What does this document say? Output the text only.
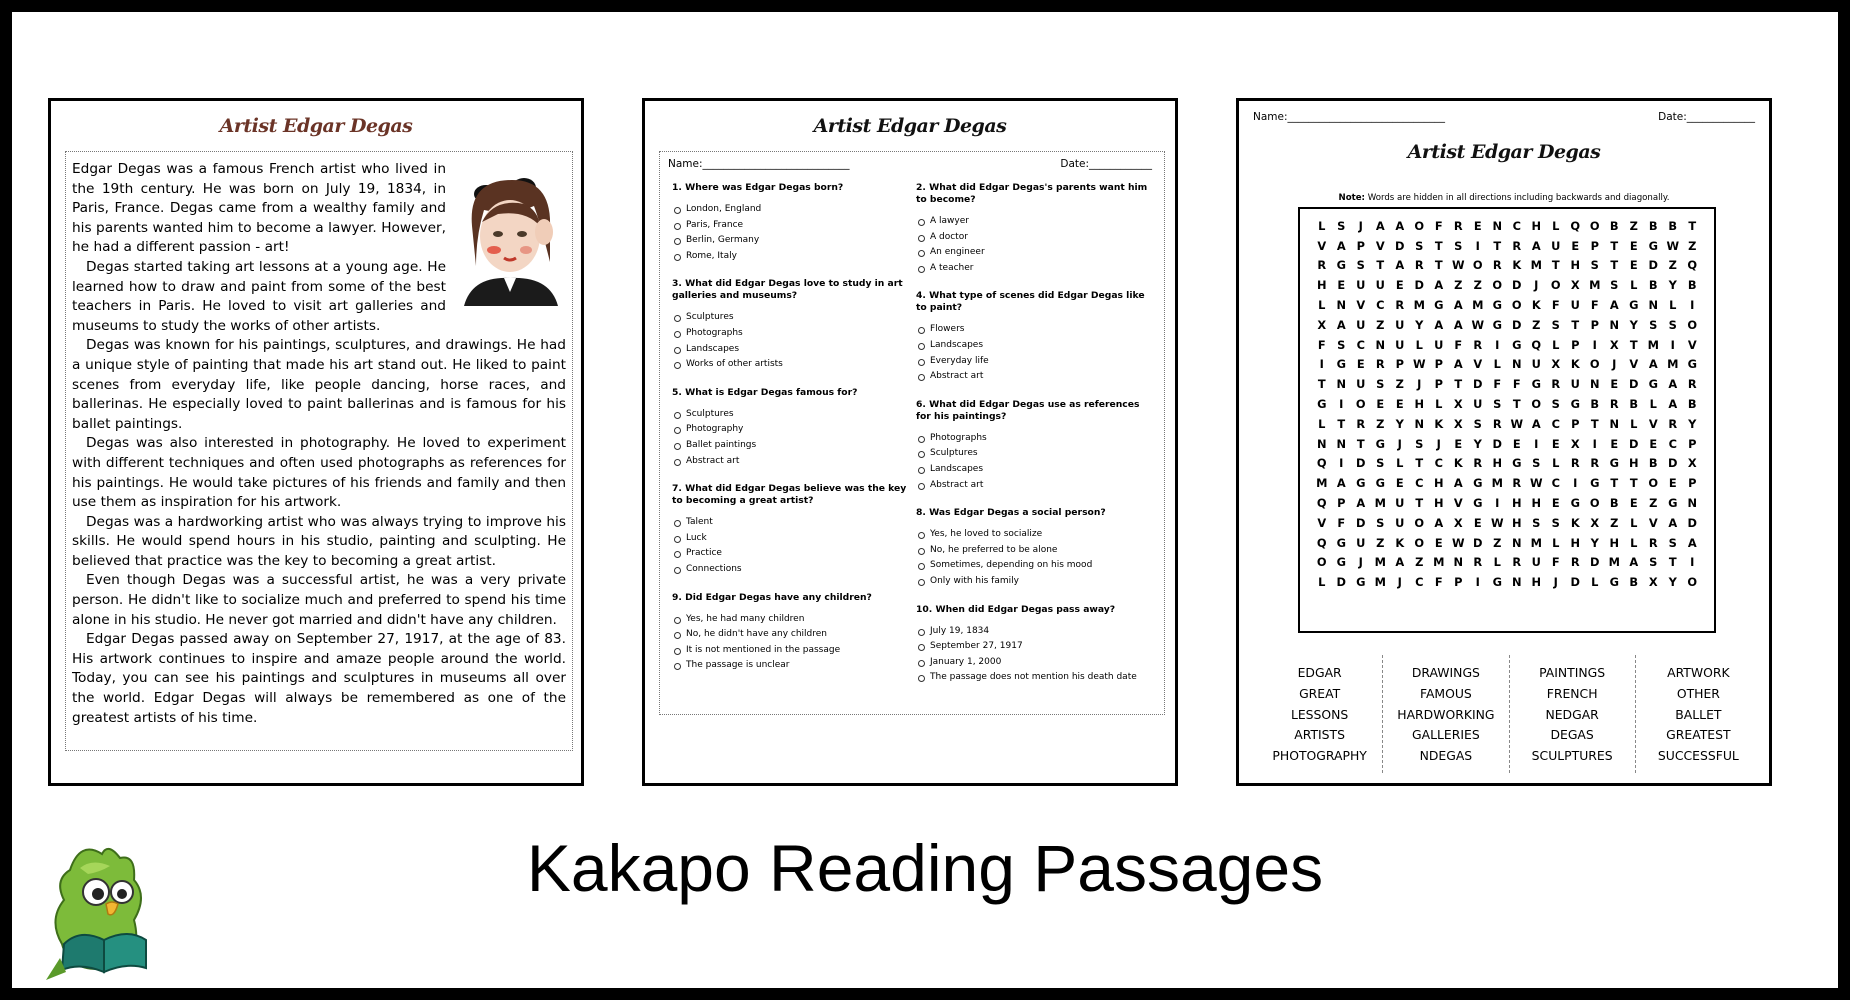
Artist Edgar Degas

Edgar Degas was a famous French artist who lived in the 19th century. He was born on July 19, 1834, in Paris, France. Degas came from a wealthy family and his parents wanted him to become a lawyer. However, he had a different passion - art!

Degas started taking art lessons at a young age. He learned how to draw and paint from some of the best teachers in Paris. He loved to visit art galleries and museums to study the works of other artists.

Degas was known for his paintings, sculptures, and drawings. He had a unique style of painting that made his art stand out. He liked to paint scenes from everyday life, like people dancing, horse races, and ballerinas. He especially loved to paint ballerinas and is famous for his ballet paintings.

Degas was also interested in photography. He loved to experiment with different techniques and often used photographs as references for his paintings. He would take pictures of his friends and family and then use them as inspiration for his artwork.

Degas was a hardworking artist who was always trying to improve his skills. He would spend hours in his studio, painting and sculpting. He believed that practice was the key to becoming a great artist.

Even though Degas was a successful artist, he was a very private person. He didn't like to socialize much and preferred to spend his time alone in his studio. He never got married and didn't have any children.

Edgar Degas passed away on September 27, 1917, at the age of 83. His artwork continues to inspire and amaze people around the world. Today, you can see his paintings and sculptures in museums all over the world. Edgar Degas will always be remembered as one of the greatest artists of his time.

Artist Edgar Degas
Name:____________________________	Date:____________
1. Where was Edgar Degas born?
London, England
Paris, France
Berlin, Germany
Rome, Italy
3. What did Edgar Degas love to study in art galleries and museums?
Sculptures
Photographs
Landscapes
Works of other artists
5. What is Edgar Degas famous for?
Sculptures
Photography
Ballet paintings
Abstract art
7. What did Edgar Degas believe was the key to becoming a great artist?
Talent
Luck
Practice
Connections
9. Did Edgar Degas have any children?
Yes, he had many children
No, he didn't have any children
It is not mentioned in the passage
The passage is unclear
2. What did Edgar Degas's parents want him to become?
A lawyer
A doctor
An engineer
A teacher
4. What type of scenes did Edgar Degas like to paint?
Flowers
Landscapes
Everyday life
Abstract art
6. What did Edgar Degas use as references for his paintings?
Photographs
Sculptures
Landscapes
Abstract art
8. Was Edgar Degas a social person?
Yes, he loved to socialize
No, he preferred to be alone
Sometimes, depending on his mood
Only with his family
10. When did Edgar Degas pass away?
July 19, 1834
September 27, 1917
January 1, 2000
The passage does not mention his death date
Name:______________________________	Date:_____________
Artist Edgar Degas
Note: Words are hidden in all directions including backwards and diagonally.
L	S	J	A A O F R E N C H L Q O B Z B B T
V A P V D S	T	S	I	T R A U E	P	T	E G W Z
R G S	T A R T W O R K M T H S	T	E D Z Q
H E U U E D A Z Z O D	J	O X M S	L	B Y B
L N V C R M G A M G O K F U F A G N L	I
X A U Z U Y A A W G D Z S	T	P N Y S S O
F	S C N U L U F R	I	G Q L	P	I	X T M	I	V
I	G E R P W P A V	L N U X K O	J	V A M G
T N U S Z	J	P	T D F	F G R U N E D G A R
G	I	O E	E H L	X U S	T O S G B R B	L	A B
L	T R Z Y N K X S R W A C P	T N L	V R Y
N N T G	J	S	J	E	Y D E	I	E X	I	E D E	C P
Q	I	D S	L	T	C K R H G S	L	R R G H B D X
M A G G E	C H A G M R W C	I	G T	T O E	P
Q P A M U T H V G	I	H H E G O B E	Z G N
V F D S U O A X E W H S S K X Z	L	V A D
Q G U Z K O E W D Z N M L H Y H L	R S A
O G	J	M A Z M N R	L	R U F R D M A S	T	I
L D G M	J	C	F	P	I	G N H	J	D L G B X Y O
EDGAR
GREAT
LESSONS
ARTISTS
PHOTOGRAPHY
DRAWINGS
FAMOUS
HARDWORKING
GALLERIES
NDEGAS
PAINTINGS
FRENCH
NEDGAR
DEGAS
SCULPTURES
ARTWORK
OTHER
BALLET
GREATEST
SUCCESSFUL
Kakapo Reading Passages
